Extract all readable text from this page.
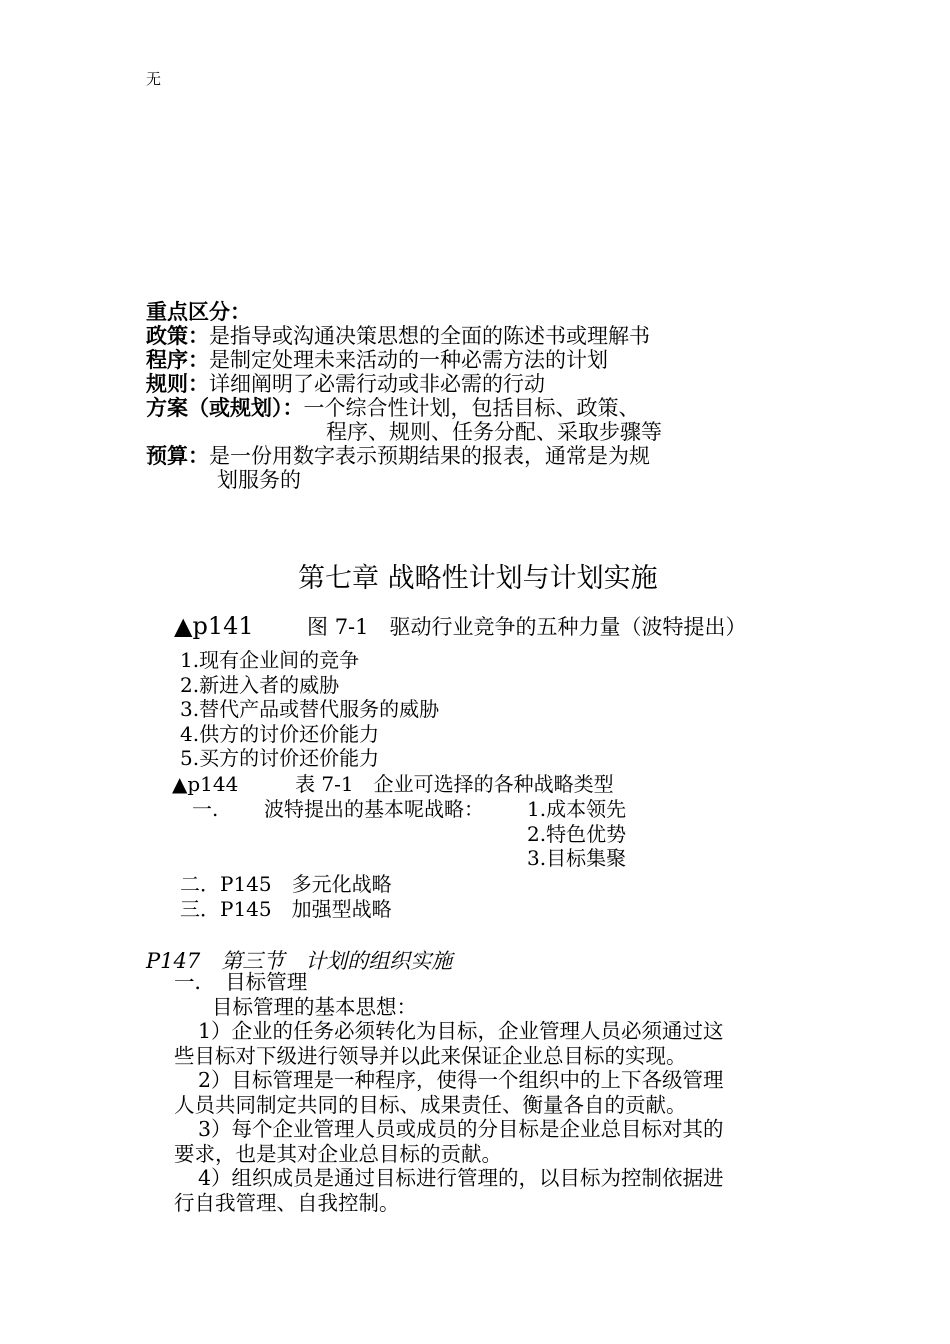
无
重点区分：
政策：是指导或沟通决策思想的全面的陈述书或理解书
程序：是制定处理未来活动的一种必需方法的计划
规则：详细阐明了必需行动或非必需的行动
方案（或规划）：一个综合性计划，包括目标、政策、
程序、规则、任务分配、采取步骤等
预算：是一份用数字表示预期结果的报表，通常是为规
划服务的
第七章 战略性计划与计划实施
▲p141	图 7-1　驱动行业竞争的五种力量（波特提出）
1.现有企业间的竞争
2.新进入者的威胁
3.替代产品或替代服务的威胁
4.供方的讨价还价能力
5.买方的讨价还价能力
▲p144	表 7-1　企业可选择的各种战略类型
一. 波特提出的基本呢战略： 1.成本领先
2.特色优势
3.目标集聚
二．P145　多元化战略
三．P145　加强型战略
P147　第三节　计划的组织实施
一．　目标管理
目标管理的基本思想：
1）企业的任务必须转化为目标，企业管理人员必须通过这
些目标对下级进行领导并以此来保证企业总目标的实现。
2）目标管理是一种程序，使得一个组织中的上下各级管理
人员共同制定共同的目标、成果责任、衡量各自的贡献。
3）每个企业管理人员或成员的分目标是企业总目标对其的
要求，也是其对企业总目标的贡献。
4）组织成员是通过目标进行管理的，以目标为控制依据进
行自我管理、自我控制。
